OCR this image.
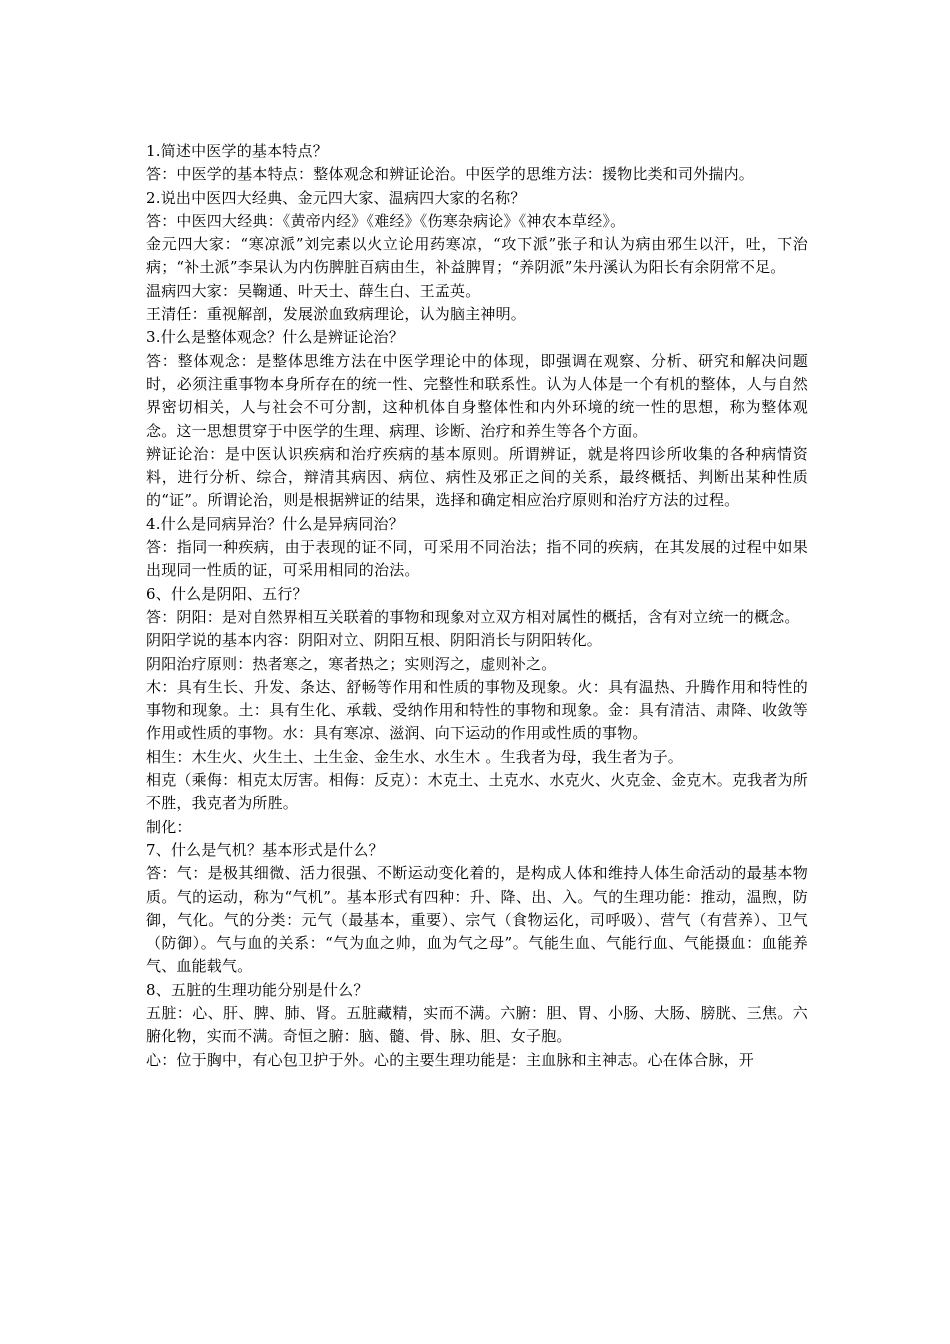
1.简述中医学的基本特点？

答：中医学的基本特点：整体观念和辨证论治。中医学的思维方法：援物比类和司外揣内。

2.说出中医四大经典、金元四大家、温病四大家的名称？

答：中医四大经典：《黄帝内经》《难经》《伤寒杂病论》《神农本草经》。

金元四大家：“寒凉派”刘完素以火立论用药寒凉，“攻下派”张子和认为病由邪生以汗，吐，下治病；“补土派”李杲认为内伤脾脏百病由生，补益脾胃；“养阴派”朱丹溪认为阳长有余阴常不足。

温病四大家：吴鞠通、叶天士、薛生白、王孟英。

王清任：重视解剖，发展淤血致病理论，认为脑主神明。

3.什么是整体观念？什么是辨证论治？

答：整体观念：是整体思维方法在中医学理论中的体现，即强调在观察、分析、研究和解决问题时，必须注重事物本身所存在的统一性、完整性和联系性。认为人体是一个有机的整体，人与自然界密切相关，人与社会不可分割，这种机体自身整体性和内外环境的统一性的思想，称为整体观念。这一思想贯穿于中医学的生理、病理、诊断、治疗和养生等各个方面。

辨证论治：是中医认识疾病和治疗疾病的基本原则。所谓辨证，就是将四诊所收集的各种病情资料，进行分析、综合，辩清其病因、病位、病性及邪正之间的关系，最终概括、判断出某种性质的“证”。所谓论治，则是根据辨证的结果，选择和确定相应治疗原则和治疗方法的过程。

4.什么是同病异治？什么是异病同治？

答：指同一种疾病，由于表现的证不同，可采用不同治法；指不同的疾病，在其发展的过程中如果出现同一性质的证，可采用相同的治法。

6、什么是阴阳、五行？

答：阴阳：是对自然界相互关联着的事物和现象对立双方相对属性的概括，含有对立统一的概念。

阴阳学说的基本内容：阴阳对立、阴阳互根、阴阳消长与阴阳转化。

阴阳治疗原则：热者寒之，寒者热之；实则泻之，虚则补之。

木：具有生长、升发、条达、舒畅等作用和性质的事物及现象。火：具有温热、升腾作用和特性的事物和现象。土：具有生化、承载、受纳作用和特性的事物和现象。金：具有清洁、肃降、收敛等作用或性质的事物。水：具有寒凉、滋润、向下运动的作用或性质的事物。

相生：木生火、火生土、土生金、金生水、水生木 。生我者为母，我生者为子。

相克（乘侮：相克太厉害。相侮：反克）：木克土、土克水、水克火、火克金、金克木。克我者为所不胜，我克者为所胜。

制化：

7、什么是气机？基本形式是什么？

答：气：是极其细微、活力很强、不断运动变化着的，是构成人体和维持人体生命活动的最基本物质。气的运动，称为“气机”。基本形式有四种：升、降、出、入。气的生理功能：推动，温煦，防御，气化。气的分类：元气（最基本，重要）、宗气（食物运化，司呼吸）、营气（有营养）、卫气（防御）。气与血的关系：“气为血之帅，血为气之母”。气能生血、气能行血、气能摄血：血能养气、血能载气。

8、五脏的生理功能分别是什么？

五脏：心、肝、脾、肺、肾。五脏藏精，实而不满。六腑：胆、胃、小肠、大肠、膀胱、三焦。六腑化物，实而不满。奇恒之腑：脑、髓、骨、脉、胆、女子胞。

心：位于胸中，有心包卫护于外。心的主要生理功能是：主血脉和主神志。心在体合脉，开
